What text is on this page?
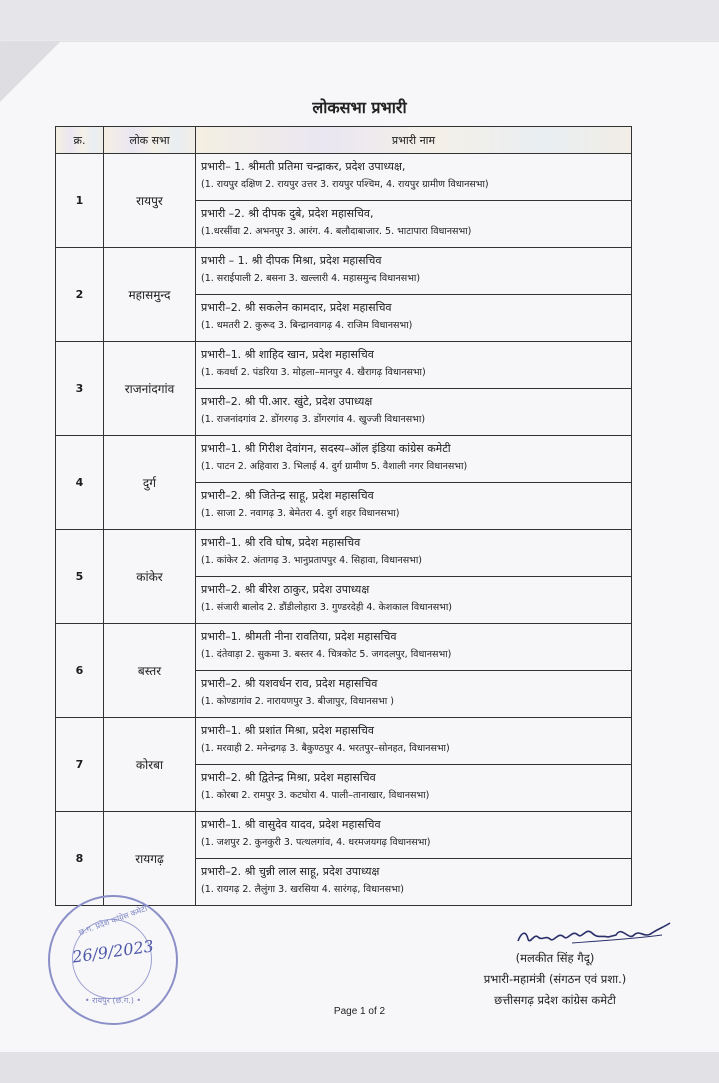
लोकसभा प्रभारी
क्र.	लोक सभा	प्रभारी नाम
1	रायपुर	प्रभारी– 1. श्रीमती प्रतिमा चन्द्राकर, प्रदेश उपाध्यक्ष,
(1. रायपुर दक्षिण 2. रायपुर उत्तर 3. रायपुर पश्चिम, 4. रायपुर ग्रामीण विधानसभा)

		प्रभारी –2. श्री दीपक दुबे, प्रदेश महासचिव,
(1.धरसींवा 2. अभनपुर 3. आरंग. 4. बलौदाबाजार. 5. भाटापारा विधानसभा)

2	महासमुन्द	प्रभारी – 1. श्री दीपक मिश्रा, प्रदेश महासचिव
(1. सराईपाली 2. बसना 3. खल्लारी 4. महासमुन्द विधानसभा)

		प्रभारी–2. श्री सकलेन कामदार, प्रदेश महासचिव
(1. धमतरी 2. कुरूद 3. बिन्द्रानवागढ़ 4. राजिम विधानसभा)

3	राजनांदगांव	प्रभारी–1. श्री शाहिद खान, प्रदेश महासचिव
(1. कवर्धा 2. पंडरिया 3. मोहला–मानपुर 4. खैरागढ़ विधानसभा)

		प्रभारी–2. श्री पी.आर. खुंटे, प्रदेश उपाध्यक्ष
(1. राजनांदगांव 2. डोंगरगढ़ 3. डोंगरगांव 4. खुज्जी विधानसभा)

4	दुर्ग	प्रभारी–1. श्री गिरीश देवांगन, सदस्य–ऑल इंडिया कांग्रेस कमेटी
(1. पाटन 2. अहिवारा 3. भिलाई 4. दुर्ग ग्रामीण 5. वैशाली नगर विधानसभा)

		प्रभारी–2. श्री जितेन्द्र साहू, प्रदेश महासचिव
(1. साजा 2. नवागढ़ 3. बेमेतरा 4. दुर्ग शहर विधानसभा)

5	कांकेर	प्रभारी–1. श्री रवि घोष, प्रदेश महासचिव
(1. कांकेर 2. अंतागढ़ 3. भानुप्रतापपुर 4. सिहावा, विधानसभा)

		प्रभारी–2. श्री बीरेश ठाकुर, प्रदेश उपाध्यक्ष
(1. संजारी बालोद 2. डौंडीलोहारा 3. गुण्डरदेही 4. केशकाल विधानसभा)

6	बस्तर	प्रभारी–1. श्रीमती नीना रावतिया, प्रदेश महासचिव
(1. दंतेवाड़ा 2. सुकमा 3. बस्तर 4. चित्रकोट 5. जगदलपुर, विधानसभा)

		प्रभारी–2. श्री यशवर्धन राव, प्रदेश महासचिव
(1. कोण्डागांव 2. नारायणपुर 3. बीजापुर, विधानसभा )

7	कोरबा	प्रभारी–1. श्री प्रशांत मिश्रा, प्रदेश महासचिव
(1. मरवाही 2. मनेन्द्रगढ़ 3. बैकुण्ठपुर 4. भरतपुर–सोनहत, विधानसभा)

		प्रभारी–2. श्री द्वितेन्द्र मिश्रा, प्रदेश महासचिव
(1. कोरबा 2. रामपुर 3. कटघोरा 4. पाली–तानाखार, विधानसभा)

8	रायगढ़	प्रभारी–1. श्री वासुदेव यादव, प्रदेश महासचिव
(1. जशपुर 2. कुनकुरी 3. पत्थलगांव, 4. धरमजयगढ़ विधानसभा)

		प्रभारी–2. श्री चुन्नी लाल साहू, प्रदेश उपाध्यक्ष
(1. रायगढ़ 2. लैलुंगा 3. खरसिया 4. सारंगढ़, विधानसभा)
छ.ग. प्रदेश कांग्रेस कमेटी
26/9/2023
• रायपुर (छ.ग.) •
(मलकीत सिंह गैदू)
प्रभारी-महामंत्री (संगठन एवं प्रशा.)
छत्तीसगढ़ प्रदेश कांग्रेस कमेटी
Page 1 of 2
